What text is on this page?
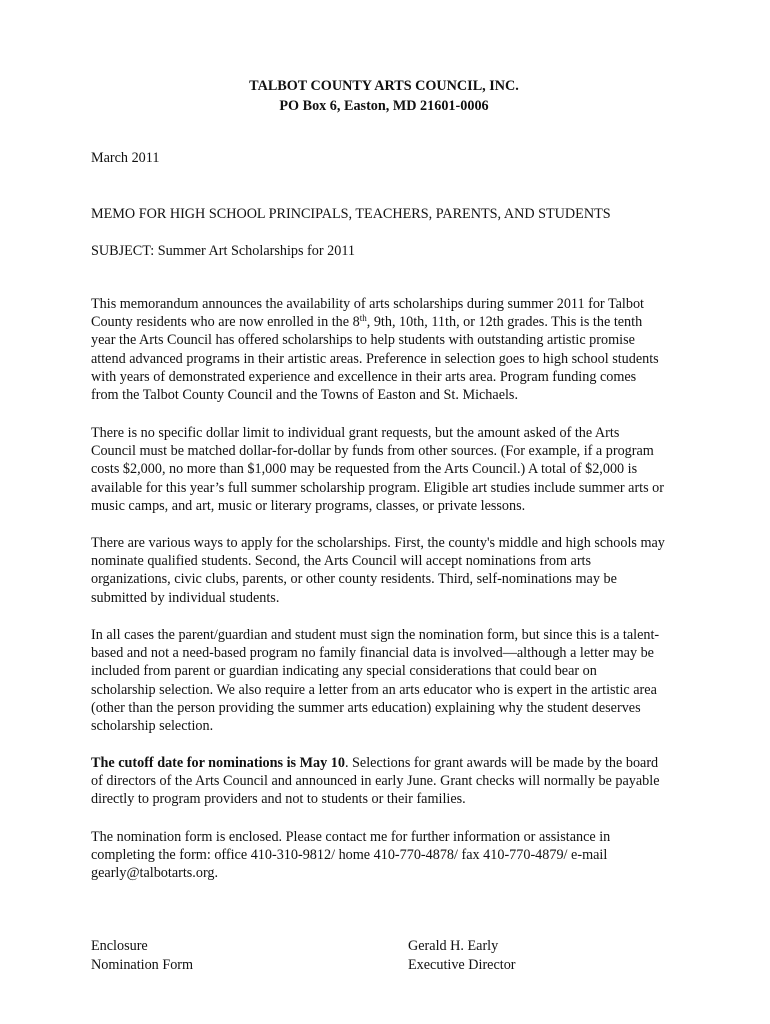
TALBOT COUNTY ARTS COUNCIL, INC.
PO Box 6, Easton, MD 21601-0006
March 2011
MEMO FOR HIGH SCHOOL PRINCIPALS, TEACHERS, PARENTS, AND STUDENTS
SUBJECT: Summer Art Scholarships for 2011

This memorandum announces the availability of arts scholarships during summer 2011 for Talbot County residents who are now enrolled in the 8th, 9th, 10th, 11th, or 12th grades. This is the tenth year the Arts Council has offered scholarships to help students with outstanding artistic promise attend advanced programs in their artistic areas. Preference in selection goes to high school students with years of demonstrated experience and excellence in their arts area. Program funding comes from the Talbot County Council and the Towns of Easton and St. Michaels.

There is no specific dollar limit to individual grant requests, but the amount asked of the Arts Council must be matched dollar-for-dollar by funds from other sources. (For example, if a program costs $2,000, no more than $1,000 may be requested from the Arts Council.) A total of $2,000 is available for this year’s full summer scholarship program. Eligible art studies include summer arts or music camps, and art, music or literary programs, classes, or private lessons.

There are various ways to apply for the scholarships. First, the county's middle and high schools may nominate qualified students. Second, the Arts Council will accept nominations from arts organizations, civic clubs, parents, or other county residents. Third, self-nominations may be submitted by individual students.

In all cases the parent/guardian and student must sign the nomination form, but since this is a talent-based and not a need-based program no family financial data is involved—although a letter may be included from parent or guardian indicating any special considerations that could bear on scholarship selection. We also require a letter from an arts educator who is expert in the artistic area (other than the person providing the summer arts education) explaining why the student deserves scholarship selection.

The cutoff date for nominations is May 10. Selections for grant awards will be made by the board of directors of the Arts Council and announced in early June. Grant checks will normally be payable directly to program providers and not to students or their families.

The nomination form is enclosed. Please contact me for further information or assistance in completing the form: office 410-310-9812/ home 410-770-4878/ fax 410-770-4879/ e-mail gearly@talbotarts.org.

Enclosure
Nomination Form
Gerald H. Early
Executive Director
